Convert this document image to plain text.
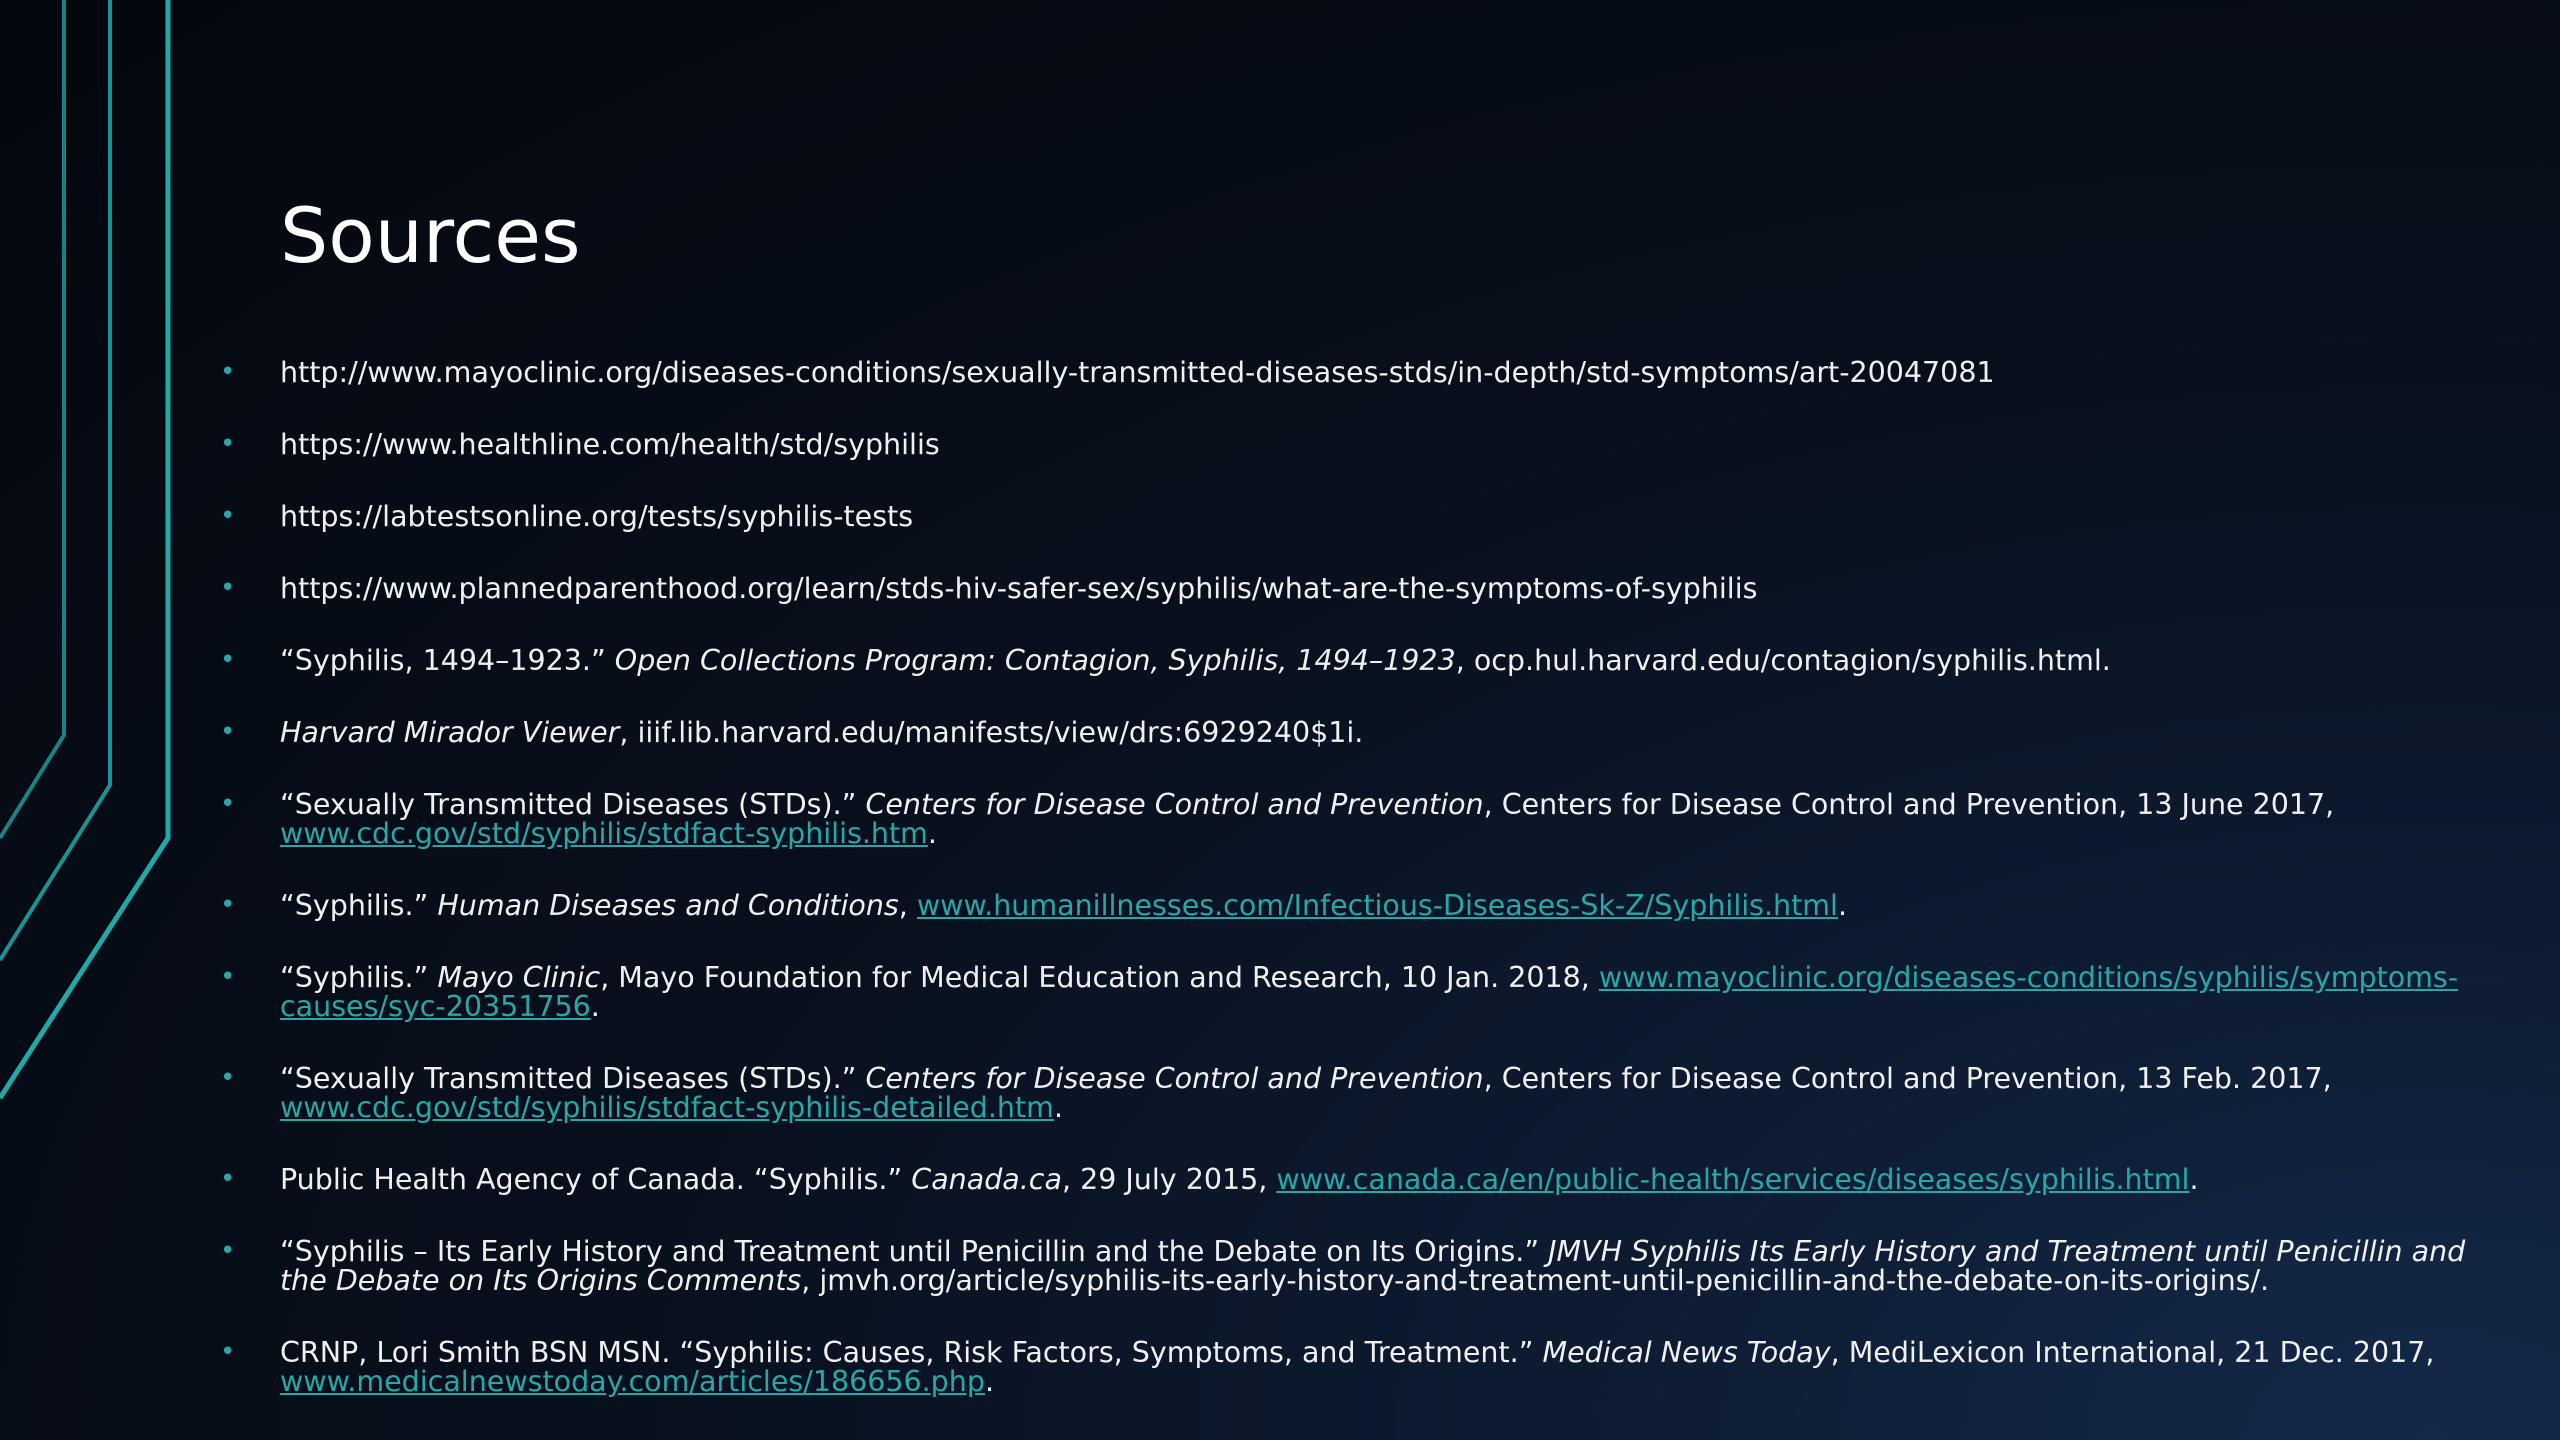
Sources
• http://www.mayoclinic.org/diseases-conditions/sexually-transmitted-diseases-stds/in-depth/std-symptoms/art-20047081
• https://www.healthline.com/health/std/syphilis
• https://labtestsonline.org/tests/syphilis-tests
• https://www.plannedparenthood.org/learn/stds-hiv-safer-sex/syphilis/what-are-the-symptoms-of-syphilis
• “Syphilis, 1494–1923.” Open Collections Program: Contagion, Syphilis, 1494–1923, ocp.hul.harvard.edu/contagion/syphilis.html.
• Harvard Mirador Viewer, iiif.lib.harvard.edu/manifests/view/drs:6929240$1i.
• “Sexually Transmitted Diseases (STDs).” Centers for Disease Control and Prevention, Centers for Disease Control and Prevention, 13 June 2017, www.cdc.gov/std/syphilis/stdfact-syphilis.htm.
• “Syphilis.” Human Diseases and Conditions, www.humanillnesses.com/Infectious-Diseases-Sk-Z/Syphilis.html.
• “Syphilis.” Mayo Clinic, Mayo Foundation for Medical Education and Research, 10 Jan. 2018, www.mayoclinic.org/diseases-conditions/syphilis/symptoms-causes/syc-20351756.
• “Sexually Transmitted Diseases (STDs).” Centers for Disease Control and Prevention, Centers for Disease Control and Prevention, 13 Feb. 2017, www.cdc.gov/std/syphilis/stdfact-syphilis-detailed.htm.
• Public Health Agency of Canada. “Syphilis.” Canada.ca, 29 July 2015, www.canada.ca/en/public-health/services/diseases/syphilis.html.
• “Syphilis – Its Early History and Treatment until Penicillin and the Debate on Its Origins.” JMVH Syphilis Its Early History and Treatment until Penicillin and the Debate on Its Origins Comments, jmvh.org/article/syphilis-its-early-history-and-treatment-until-penicillin-and-the-debate-on-its-origins/.
• CRNP, Lori Smith BSN MSN. “Syphilis: Causes, Risk Factors, Symptoms, and Treatment.” Medical News Today, MediLexicon International, 21 Dec. 2017, www.medicalnewstoday.com/articles/186656.php.
